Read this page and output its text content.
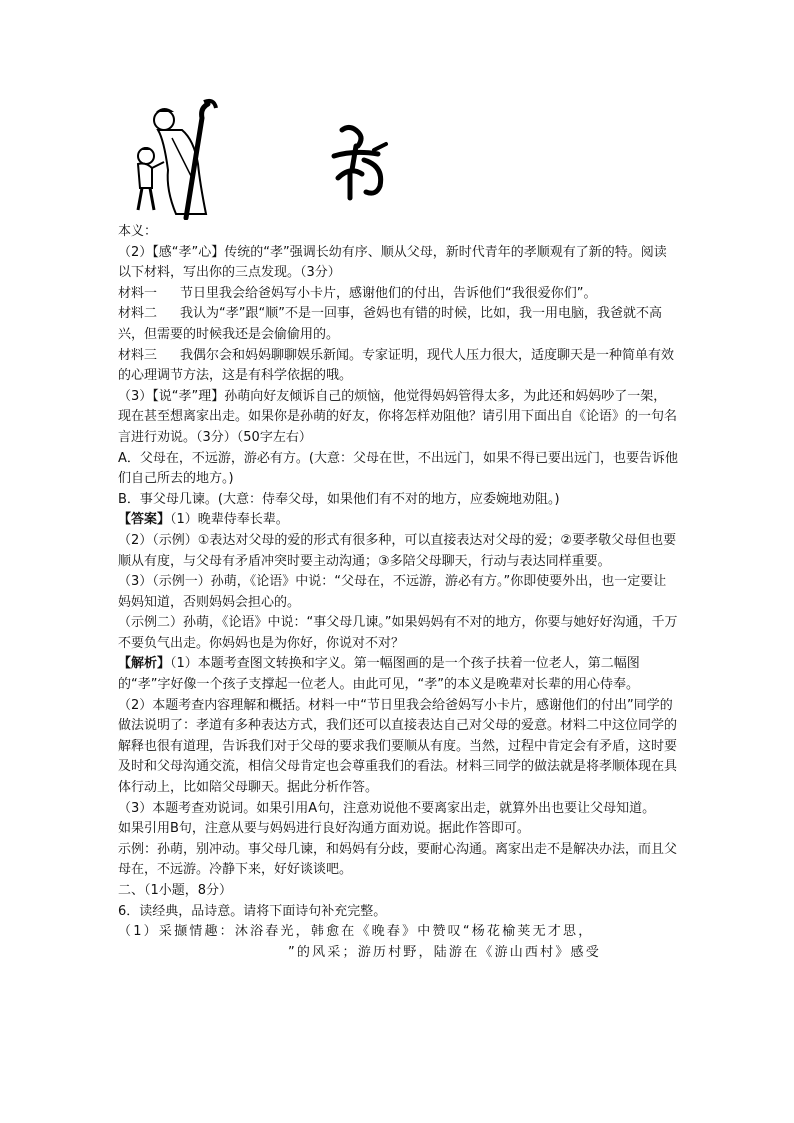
本义：

（2）【感“孝”心】传统的“孝”强调长幼有序、顺从父母，新时代青年的孝顺观有了新的特。阅读以下材料，写出你的三点发现。（3分）

材料一 节日里我会给爸妈写小卡片，感谢他们的付出，告诉他们“我很爱你们”。

材料二 我认为“孝”跟“顺”不是一回事，爸妈也有错的时候，比如，我一用电脑，我爸就不高兴，但需要的时候我还是会偷偷用的。

材料三 我偶尔会和妈妈聊聊娱乐新闻。专家证明，现代人压力很大，适度聊天是一种简单有效的心理调节方法，这是有科学依据的哦。

（3）【说“孝”理】孙萌向好友倾诉自己的烦恼，他觉得妈妈管得太多，为此还和妈妈吵了一架，现在甚至想离家出走。如果你是孙萌的好友，你将怎样劝阻他？请引用下面出自《论语》的一句名言进行劝说。（3分）（50字左右）

A．父母在，不远游，游必有方。(大意：父母在世，不出远门，如果不得已要出远门，也要告诉他们自己所去的地方。)

B．事父母几谏。(大意：侍奉父母，如果他们有不对的地方，应委婉地劝阻。)

【答案】（1）晚辈侍奉长辈。

（2）（示例）①表达对父母的爱的形式有很多种，可以直接表达对父母的爱；②要孝敬父母但也要顺从有度，与父母有矛盾冲突时要主动沟通；③多陪父母聊天，行动与表达同样重要。

（3）（示例一）孙萌，《论语》中说：“父母在，不远游，游必有方。”你即使要外出，也一定要让妈妈知道，否则妈妈会担心的。

（示例二）孙萌，《论语》中说：“事父母几谏。”如果妈妈有不对的地方，你要与她好好沟通，千万不要负气出走。你妈妈也是为你好，你说对不对？

【解析】（1）本题考查图文转换和字义。第一幅图画的是一个孩子扶着一位老人，第二幅图的“孝”字好像一个孩子支撑起一位老人。由此可见，“孝”的本义是晚辈对长辈的用心侍奉。

（2）本题考查内容理解和概括。材料一中“节日里我会给爸妈写小卡片，感谢他们的付出”同学的做法说明了：孝道有多种表达方式，我们还可以直接表达自己对父母的爱意。材料二中这位同学的解释也很有道理，告诉我们对于父母的要求我们要顺从有度。当然，过程中肯定会有矛盾，这时要及时和父母沟通交流，相信父母肯定也会尊重我们的看法。材料三同学的做法就是将孝顺体现在具体行动上，比如陪父母聊天。据此分析作答。

（3）本题考查劝说词。如果引用A句，注意劝说他不要离家出走，就算外出也要让父母知道。

如果引用B句，注意从要与妈妈进行良好沟通方面劝说。据此作答即可。

示例：孙萌，别冲动。事父母几谏，和妈妈有分歧，要耐心沟通。离家出走不是解决办法，而且父母在，不远游。冷静下来，好好谈谈吧。

二、（1小题，8分）

6．读经典，品诗意。请将下面诗句补充完整。

（1）采撷情趣：沐浴春光，韩愈在《晚春》中赞叹“杨花榆荚无才思，”的风采；游历村野，陆游在《游山西村》感受
